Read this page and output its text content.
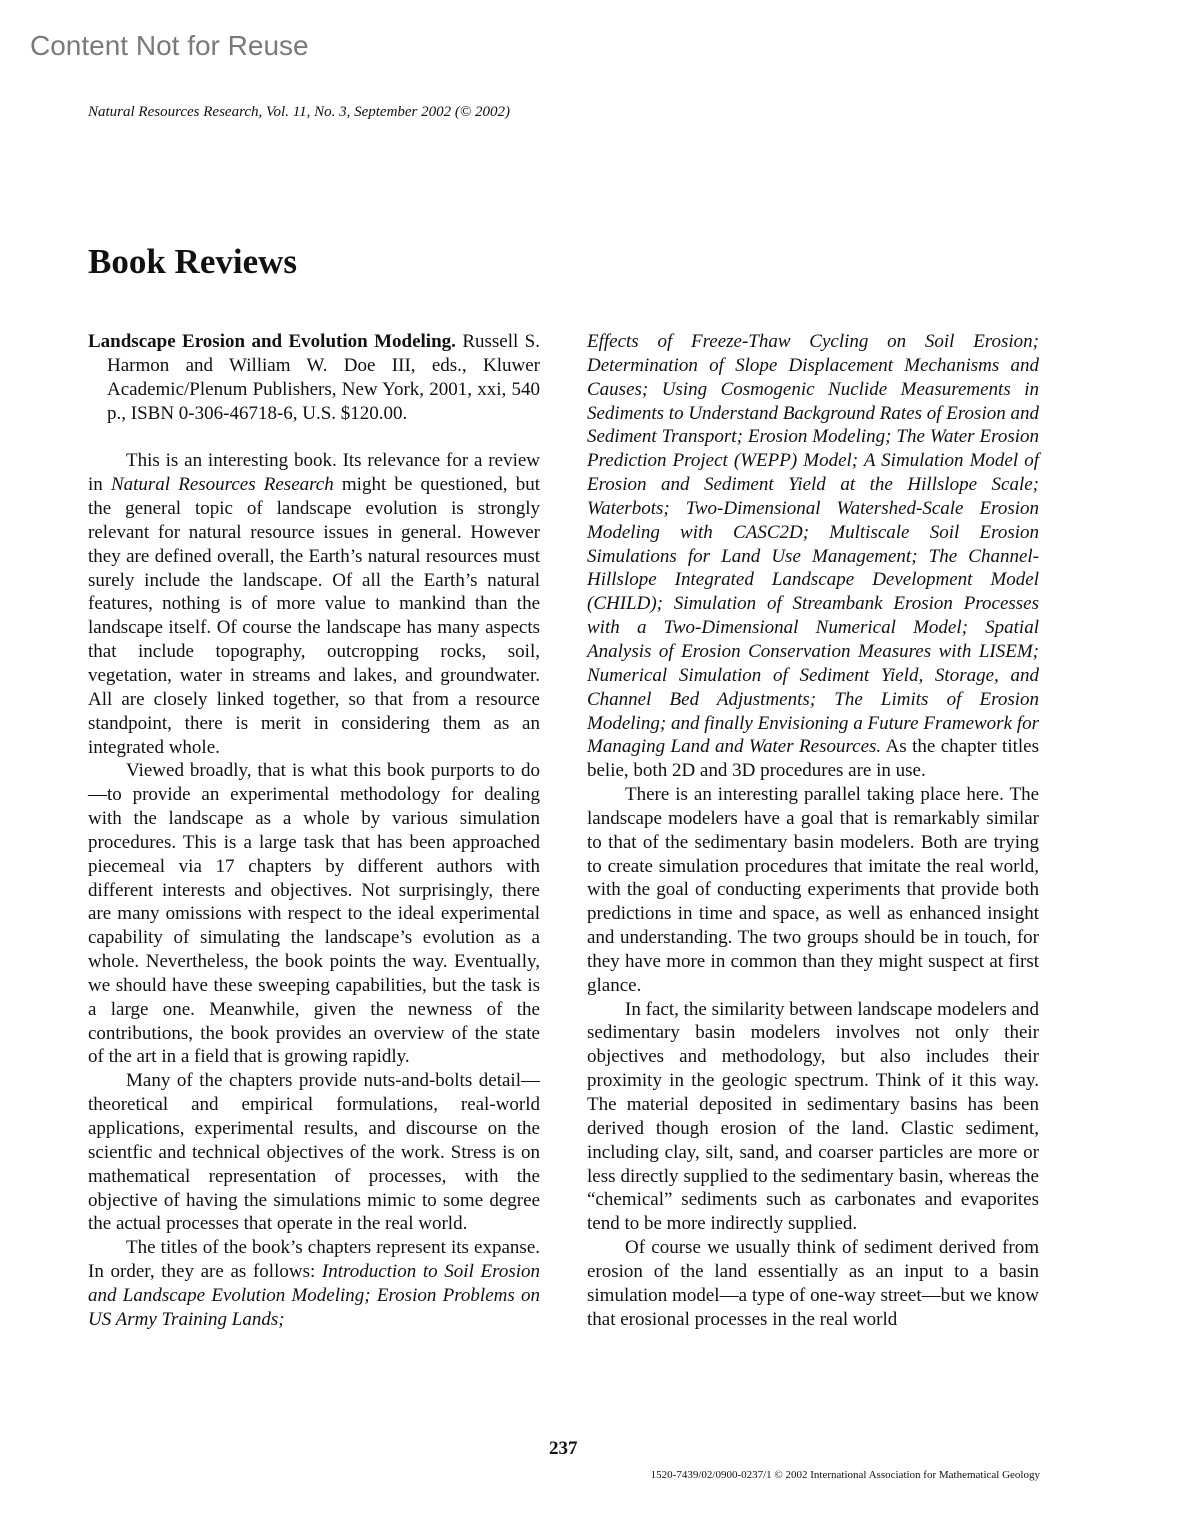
Content Not for Reuse
Natural Resources Research, Vol. 11, No. 3, September 2002 (© 2002)
Book Reviews

Landscape Erosion and Evolution Modeling. Russell S. Harmon and William W. Doe III, eds., Kluwer Academic/Plenum Publishers, New York, 2001, xxi, 540 p., ISBN 0-306-46718-6, U.S. $120.00.

This is an interesting book. Its relevance for a review in Natural Resources Research might be questioned, but the general topic of landscape evolution is strongly relevant for natural resource issues in general. However they are defined overall, the Earth’s natural resources must surely include the landscape. Of all the Earth’s natural features, nothing is of more value to mankind than the landscape itself. Of course the landscape has many aspects that include topography, outcropping rocks, soil, vegetation, water in streams and lakes, and groundwater. All are closely linked together, so that from a resource standpoint, there is merit in considering them as an integrated whole.

Viewed broadly, that is what this book purports to do—to provide an experimental methodology for dealing with the landscape as a whole by various simulation procedures. This is a large task that has been approached piecemeal via 17 chapters by different authors with different interests and objectives. Not surprisingly, there are many omissions with respect to the ideal experimental capability of simulating the landscape’s evolution as a whole. Nevertheless, the book points the way. Eventually, we should have these sweeping capabilities, but the task is a large one. Meanwhile, given the newness of the contributions, the book provides an overview of the state of the art in a field that is growing rapidly.

Many of the chapters provide nuts-and-bolts detail—theoretical and empirical formulations, real-world applications, experimental results, and discourse on the scientfic and technical objectives of the work. Stress is on mathematical representation of processes, with the objective of having the simulations mimic to some degree the actual processes that operate in the real world.

The titles of the book’s chapters represent its expanse. In order, they are as follows: Introduction to Soil Erosion and Landscape Evolution Modeling; Erosion Problems on US Army Training Lands;

Effects of Freeze-Thaw Cycling on Soil Erosion; Determination of Slope Displacement Mechanisms and Causes; Using Cosmogenic Nuclide Measurements in Sediments to Understand Background Rates of Erosion and Sediment Transport; Erosion Modeling; The Water Erosion Prediction Project (WEPP) Model; A Simulation Model of Erosion and Sediment Yield at the Hillslope Scale; Waterbots; Two-Dimensional Watershed-Scale Erosion Modeling with CASC2D; Multiscale Soil Erosion Simulations for Land Use Management; The Channel-Hillslope Integrated Landscape Development Model (CHILD); Simulation of Streambank Erosion Processes with a Two-Dimensional Numerical Model; Spatial Analysis of Erosion Conservation Measures with LISEM; Numerical Simulation of Sediment Yield, Storage, and Channel Bed Adjustments; The Limits of Erosion Modeling; and finally Envisioning a Future Framework for Managing Land and Water Resources. As the chapter titles belie, both 2D and 3D procedures are in use.

There is an interesting parallel taking place here. The landscape modelers have a goal that is remarkably similar to that of the sedimentary basin modelers. Both are trying to create simulation procedures that imitate the real world, with the goal of conducting experiments that provide both predictions in time and space, as well as enhanced insight and understanding. The two groups should be in touch, for they have more in common than they might suspect at first glance.

In fact, the similarity between landscape modelers and sedimentary basin modelers involves not only their objectives and methodology, but also includes their proximity in the geologic spectrum. Think of it this way. The material deposited in sedimentary basins has been derived though erosion of the land. Clastic sediment, including clay, silt, sand, and coarser particles are more or less directly supplied to the sedimentary basin, whereas the “chemical” sediments such as carbonates and evaporites tend to be more indirectly supplied.

Of course we usually think of sediment derived from erosion of the land essentially as an input to a basin simulation model—a type of one-way street—but we know that erosional processes in the real world

237
1520-7439/02/0900-0237/1 © 2002 International Association for Mathematical Geology
